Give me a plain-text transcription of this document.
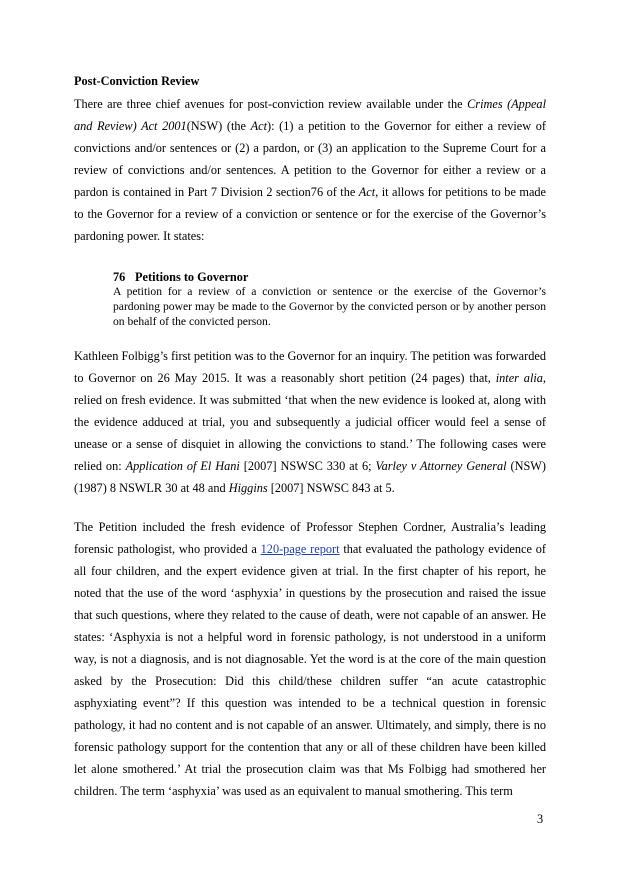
Post-Conviction Review

There are three chief avenues for post-conviction review available under the Crimes (Appeal and Review) Act 2001(NSW) (the Act): (1) a petition to the Governor for either a review of convictions and/or sentences or (2) a pardon, or (3) an application to the Supreme Court for a review of convictions and/or sentences. A petition to the Governor for either a review or a pardon is contained in Part 7 Division 2 section76 of the Act, it allows for petitions to be made to the Governor for a review of a conviction or sentence or for the exercise of the Governor’s pardoning power. It states:

76 Petitions to Governor

A petition for a review of a conviction or sentence or the exercise of the Governor’s pardoning power may be made to the Governor by the convicted person or by another person on behalf of the convicted person.

Kathleen Folbigg’s first petition was to the Governor for an inquiry. The petition was forwarded to Governor on 26 May 2015. It was a reasonably short petition (24 pages) that, inter alia, relied on fresh evidence. It was submitted ‘that when the new evidence is looked at, along with the evidence adduced at trial, you and subsequently a judicial officer would feel a sense of unease or a sense of disquiet in allowing the convictions to stand.’ The following cases were relied on: Application of El Hani [2007] NSWSC 330 at 6; Varley v Attorney General (NSW) (1987) 8 NSWLR 30 at 48 and Higgins [2007] NSWSC 843 at 5.

The Petition included the fresh evidence of Professor Stephen Cordner, Australia’s leading forensic pathologist, who provided a 120-page report that evaluated the pathology evidence of all four children, and the expert evidence given at trial. In the first chapter of his report, he noted that the use of the word ‘asphyxia’ in questions by the prosecution and raised the issue that such questions, where they related to the cause of death, were not capable of an answer. He states: ‘Asphyxia is not a helpful word in forensic pathology, is not understood in a uniform way, is not a diagnosis, and is not diagnosable. Yet the word is at the core of the main question asked by the Prosecution: Did this child/these children suffer “an acute catastrophic asphyxiating event”? If this question was intended to be a technical question in forensic pathology, it had no content and is not capable of an answer. Ultimately, and simply, there is no forensic pathology support for the contention that any or all of these children have been killed let alone smothered.’ At trial the prosecution claim was that Ms Folbigg had smothered her children. The term ‘asphyxia’ was used as an equivalent to manual smothering. This term

3
